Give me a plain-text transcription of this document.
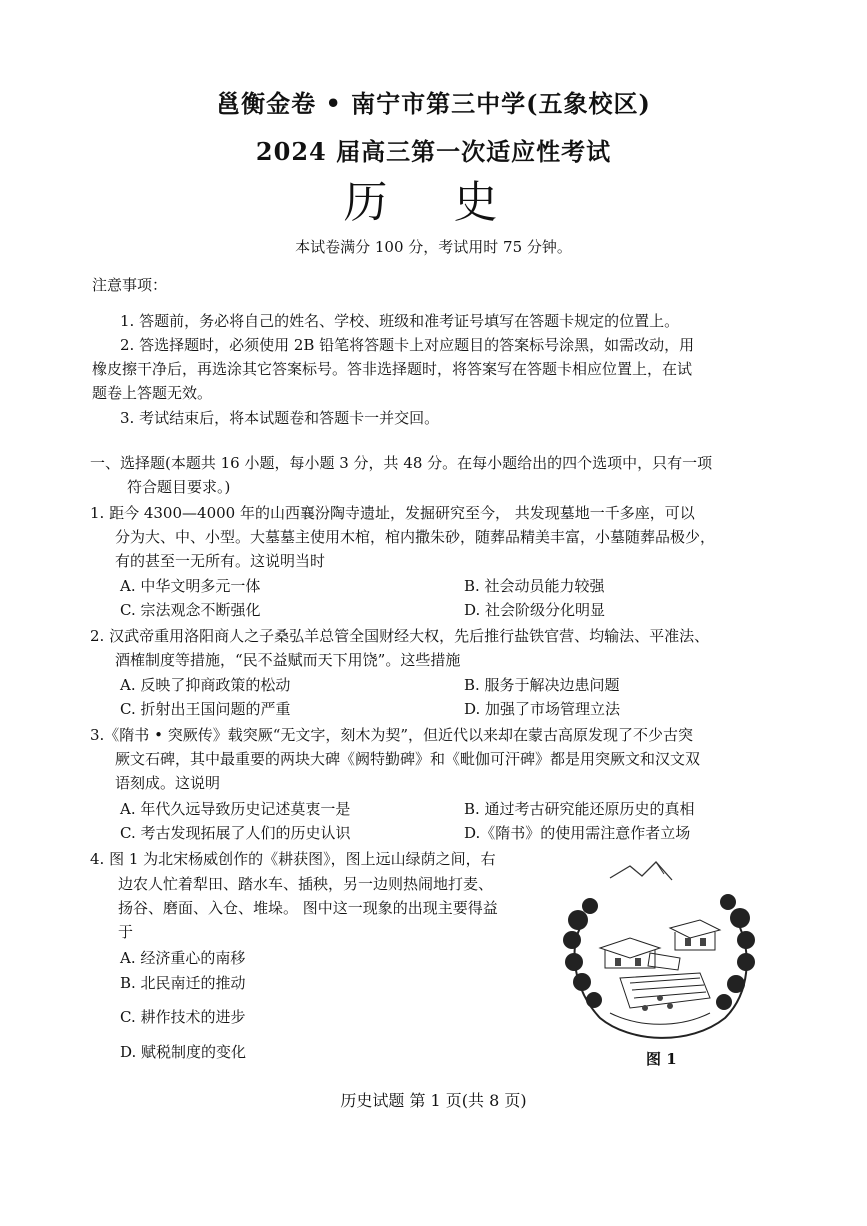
邕衡金卷 • 南宁市第三中学(五象校区)
2024 届高三第一次适应性考试
历 史
本试卷满分 100 分，考试用时 75 分钟。
注意事项：
1. 答题前，务必将自己的姓名、学校、班级和准考证号填写在答题卡规定的位置上。
2. 答选择题时，必须使用 2B 铅笔将答题卡上对应题目的答案标号涂黑，如需改动，用
橡皮擦干净后，再选涂其它答案标号。答非选择题时，将答案写在答题卡相应位置上，在试
题卷上答题无效。
3. 考试结束后，将本试题卷和答题卡一并交回。
一、选择题(本题共 16 小题，每小题 3 分，共 48 分。在每小题给出的四个选项中，只有一项
符合题目要求。)
1. 距今 4300—4000 年的山西襄汾陶寺遗址，发掘研究至今， 共发现墓地一千多座，可以
分为大、中、小型。大墓墓主使用木棺，棺内撒朱砂，随葬品精美丰富，小墓随葬品极少，
有的甚至一无所有。这说明当时
A. 中华文明多元一体	B. 社会动员能力较强
C. 宗法观念不断强化	D. 社会阶级分化明显
2. 汉武帝重用洛阳商人之子桑弘羊总管全国财经大权，先后推行盐铁官营、均输法、平准法、
酒榷制度等措施，“民不益赋而天下用饶”。这些措施
A. 反映了抑商政策的松动	B. 服务于解决边患问题
C. 折射出王国问题的严重	D. 加强了市场管理立法
3.《隋书 • 突厥传》载突厥“无文字，刻木为契”，但近代以来却在蒙古高原发现了不少古突
厥文石碑，其中最重要的两块大碑《阙特勤碑》和《毗伽可汗碑》都是用突厥文和汉文双
语刻成。这说明
A. 年代久远导致历史记述莫衷一是	B. 通过考古研究能还原历史的真相
C. 考古发现拓展了人们的历史认识	D.《隋书》的使用需注意作者立场
4. 图 1 为北宋杨威创作的《耕获图》，图上远山绿荫之间，右
边农人忙着犁田、踏水车、插秧，另一边则热闹地打麦、
扬谷、磨面、入仓、堆垛。 图中这一现象的出现主要得益
于
A. 经济重心的南移
B. 北民南迁的推动
C. 耕作技术的进步
D. 赋税制度的变化	图 1
历史试题 第 1 页(共 8 页)
